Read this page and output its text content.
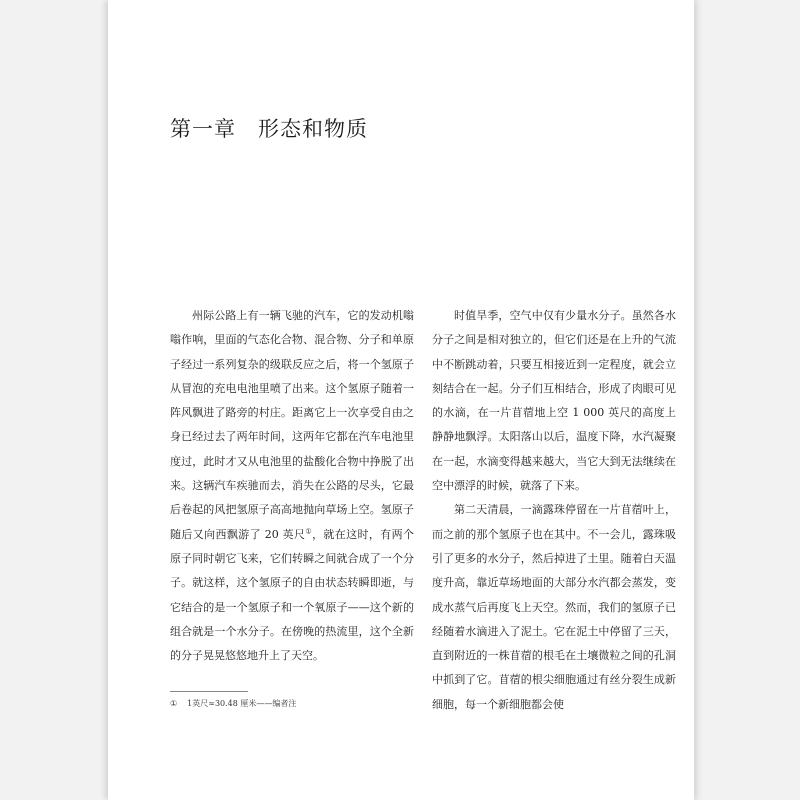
第一章　形态和物质

州际公路上有一辆飞驰的汽车，它的发动机嗡嗡作响，里面的气态化合物、混合物、分子和单原子经过一系列复杂的级联反应之后，将一个氢原子从冒泡的充电电池里喷了出来。这个氢原子随着一阵风飘进了路旁的村庄。距离它上一次享受自由之身已经过去了两年时间，这两年它都在汽车电池里度过，此时才又从电池里的盐酸化合物中挣脱了出来。这辆汽车疾驰而去，消失在公路的尽头，它最后卷起的风把氢原子高高地抛向草场上空。氢原子随后又向西飘游了 20 英尺①，就在这时，有两个原子同时朝它飞来，它们转瞬之间就合成了一个分子。就这样，这个氢原子的自由状态转瞬即逝，与它结合的是一个氢原子和一个氧原子——这个新的组合就是一个水分子。在傍晚的热流里，这个全新的分子晃晃悠悠地升上了天空。

时值旱季，空气中仅有少量水分子。虽然各水分子之间是相对独立的，但它们还是在上升的气流中不断跳动着，只要互相接近到一定程度，就会立刻结合在一起。分子们互相结合，形成了肉眼可见的水滴，在一片苜蓿地上空 1 000 英尺的高度上静静地飘浮。太阳落山以后，温度下降，水汽凝聚在一起，水滴变得越来越大，当它大到无法继续在空中漂浮的时候，就落了下来。

第二天清晨，一滴露珠停留在一片苜蓿叶上，而之前的那个氢原子也在其中。不一会儿，露珠吸引了更多的水分子，然后掉进了土里。随着白天温度升高，靠近草场地面的大部分水汽都会蒸发，变成水蒸气后再度飞上天空。然而，我们的氢原子已经随着水滴进入了泥土。它在泥土中停留了三天，直到附近的一株苜蓿的根毛在土壤微粒之间的孔洞中抓到了它。苜蓿的根尖细胞通过有丝分裂生成新细胞，每一个新细胞都会使

① 1英尺≈30.48 厘米——编者注
